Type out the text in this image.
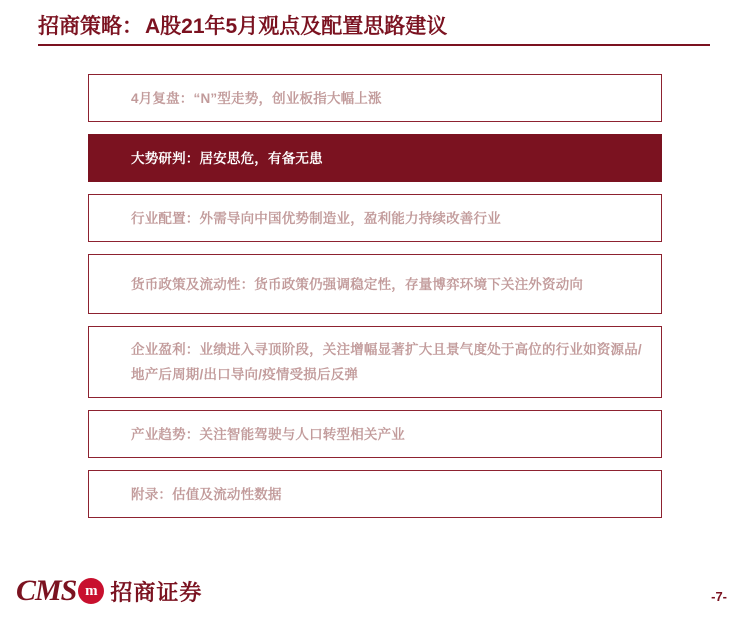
招商策略： A股21年5月观点及配置思路建议
4月复盘：“N”型走势，创业板指大幅上涨
大势研判：居安思危，有备无患
行业配置：外需导向中国优势制造业，盈利能力持续改善行业
货币政策及流动性：货币政策仍强调稳定性，存量博弈环境下关注外资动向
企业盈利：业绩进入寻顶阶段，关注增幅显著扩大且景气度处于高位的行业如资源品/地产后周期/出口导向/疫情受损后反弹
产业趋势：关注智能驾驶与人口转型相关产业
附录：估值及流动性数据
CMS m 招商证券	-7-
